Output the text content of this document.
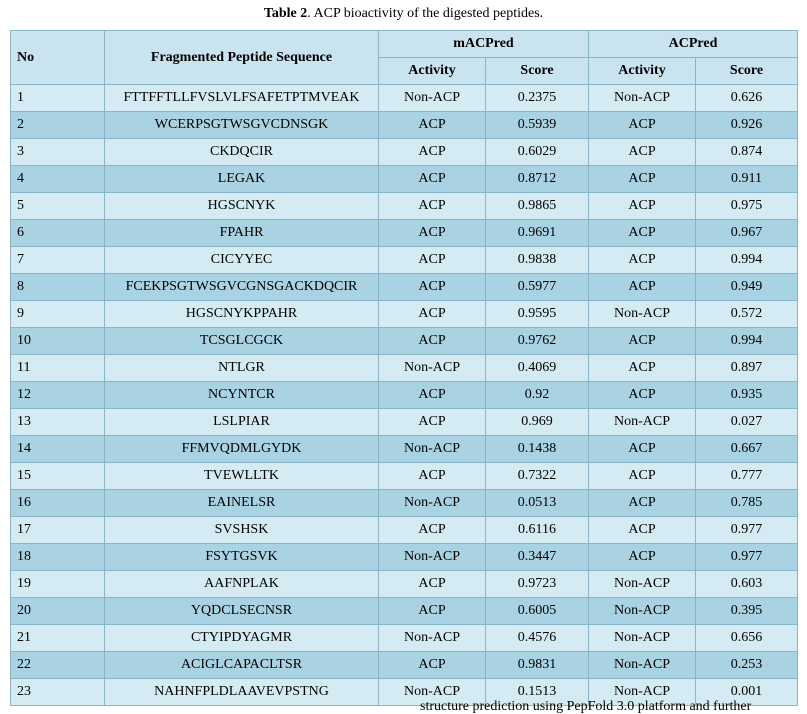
Table 2. ACP bioactivity of the digested peptides.
No	Fragmented Peptide Sequence	mACPred		ACPred	
		Activity	Score	Activity	Score
1	FTTFFTLLFVSLVLFSAFETPTMVEAK	Non-ACP	0.2375	Non-ACP	0.626
2	WCERPSGTWSGVCDNSGK	ACP	0.5939	ACP	0.926
3	CKDQCIR	ACP	0.6029	ACP	0.874
4	LEGAK	ACP	0.8712	ACP	0.911
5	HGSCNYK	ACP	0.9865	ACP	0.975
6	FPAHR	ACP	0.9691	ACP	0.967
7	CICYYEC	ACP	0.9838	ACP	0.994
8	FCEKPSGTWSGVCGNSGACKDQCIR	ACP	0.5977	ACP	0.949
9	HGSCNYKPPAHR	ACP	0.9595	Non-ACP	0.572
10	TCSGLCGCK	ACP	0.9762	ACP	0.994
11	NTLGR	Non-ACP	0.4069	ACP	0.897
12	NCYNTCR	ACP	0.92	ACP	0.935
13	LSLPIAR	ACP	0.969	Non-ACP	0.027
14	FFMVQDMLGYDK	Non-ACP	0.1438	ACP	0.667
15	TVEWLLTK	ACP	0.7322	ACP	0.777
16	EAINELSR	Non-ACP	0.0513	ACP	0.785
17	SVSHSK	ACP	0.6116	ACP	0.977
18	FSYTGSVK	Non-ACP	0.3447	ACP	0.977
19	AAFNPLAK	ACP	0.9723	Non-ACP	0.603
20	YQDCLSECNSR	ACP	0.6005	Non-ACP	0.395
21	CTYIPDYAGMR	Non-ACP	0.4576	Non-ACP	0.656
22	ACIGLCAPACLTSR	ACP	0.9831	Non-ACP	0.253
23	NAHNFPLDLAAVEVPSTNG	Non-ACP	0.1513	Non-ACP	0.001
structure prediction using PepFold 3.0 platform and further
